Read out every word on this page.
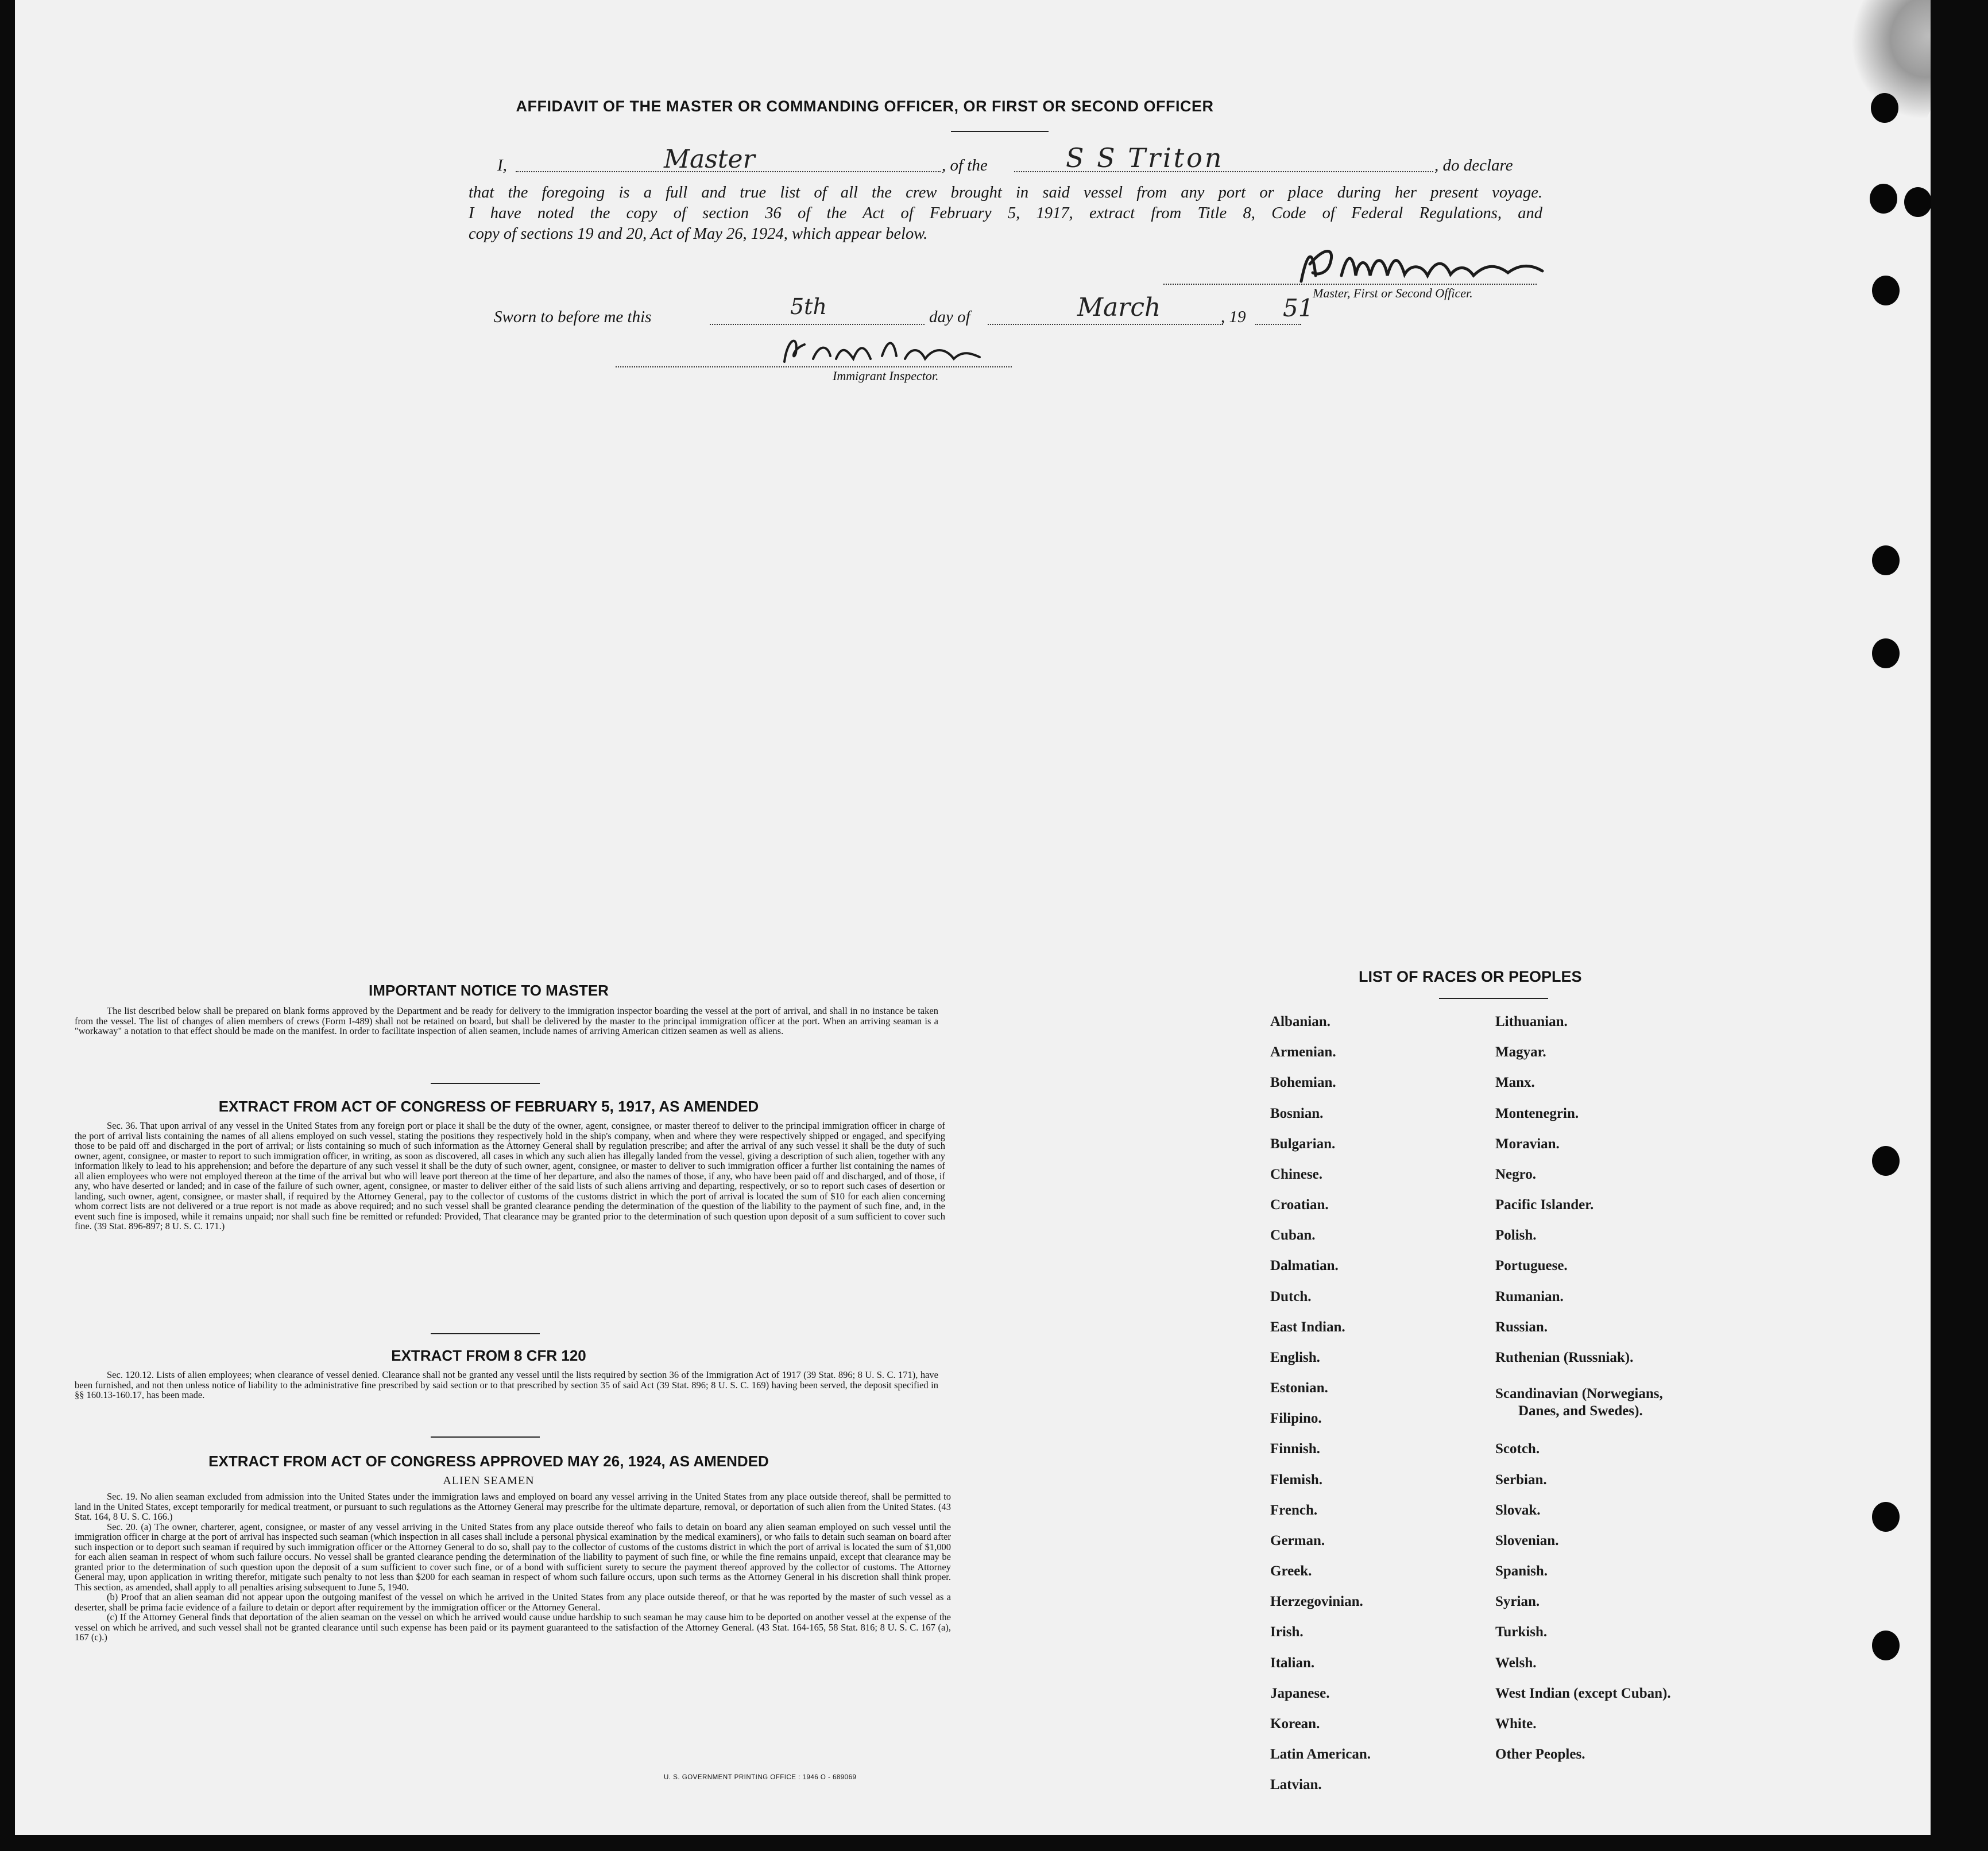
AFFIDAVIT OF THE MASTER OR COMMANDING OFFICER, OR FIRST OR SECOND OFFICER
I,	Master	, of the	S S Triton	, do declare
that the foregoing is a full and true list of all the crew brought in said vessel from any port or place during her present voyage.
I have noted the copy of section 36 of the Act of February 5, 1917, extract from Title 8, Code of Federal Regulations, and
copy of sections 19 and 20, Act of May 26, 1924, which appear below.
Master, First or Second Officer.
Sworn to before me this	5th	day of	March	, 19 51
Immigrant Inspector.
IMPORTANT NOTICE TO MASTER

The list described below shall be prepared on blank forms approved by the Department and be ready for delivery to the immigration inspector boarding the vessel at the port of arrival, and shall in no instance be taken from the vessel. The list of changes of alien members of crews (Form I-489) shall not be retained on board, but shall be delivered by the master to the principal immigration officer at the port. When an arriving seaman is a "workaway" a notation to that effect should be made on the manifest. In order to facilitate inspection of alien seamen, include names of arriving American citizen seamen as well as aliens.

EXTRACT FROM ACT OF CONGRESS OF FEBRUARY 5, 1917, AS AMENDED

Sec. 36. That upon arrival of any vessel in the United States from any foreign port or place it shall be the duty of the owner, agent, consignee, or master thereof to deliver to the principal immigration officer in charge of the port of arrival lists containing the names of all aliens employed on such vessel, stating the positions they respectively hold in the ship's company, when and where they were respectively shipped or engaged, and specifying those to be paid off and discharged in the port of arrival; or lists containing so much of such information as the Attorney General shall by regulation prescribe; and after the arrival of any such vessel it shall be the duty of such owner, agent, consignee, or master to report to such immigration officer, in writing, as soon as discovered, all cases in which any such alien has illegally landed from the vessel, giving a description of such alien, together with any information likely to lead to his apprehension; and before the departure of any such vessel it shall be the duty of such owner, agent, consignee, or master to deliver to such immigration officer a further list containing the names of all alien employees who were not employed thereon at the time of the arrival but who will leave port thereon at the time of her departure, and also the names of those, if any, who have been paid off and discharged, and of those, if any, who have deserted or landed; and in case of the failure of such owner, agent, consignee, or master to deliver either of the said lists of such aliens arriving and departing, respectively, or so to report such cases of desertion or landing, such owner, agent, consignee, or master shall, if required by the Attorney General, pay to the collector of customs of the customs district in which the port of arrival is located the sum of $10 for each alien concerning whom correct lists are not delivered or a true report is not made as above required; and no such vessel shall be granted clearance pending the determination of the question of the liability to the payment of such fine, and, in the event such fine is imposed, while it remains unpaid; nor shall such fine be remitted or refunded: Provided, That clearance may be granted prior to the determination of such question upon deposit of a sum sufficient to cover such fine. (39 Stat. 896-897; 8 U. S. C. 171.)

EXTRACT FROM 8 CFR 120

Sec. 120.12. Lists of alien employees; when clearance of vessel denied. Clearance shall not be granted any vessel until the lists required by section 36 of the Immigration Act of 1917 (39 Stat. 896; 8 U. S. C. 171), have been furnished, and not then unless notice of liability to the administrative fine prescribed by said section or to that prescribed by section 35 of said Act (39 Stat. 896; 8 U. S. C. 169) having been served, the deposit specified in §§ 160.13-160.17, has been made.

EXTRACT FROM ACT OF CONGRESS APPROVED MAY 26, 1924, AS AMENDED
ALIEN SEAMEN

Sec. 19. No alien seaman excluded from admission into the United States under the immigration laws and employed on board any vessel arriving in the United States from any place outside thereof, shall be permitted to land in the United States, except temporarily for medical treatment, or pursuant to such regulations as the Attorney General may prescribe for the ultimate departure, removal, or deportation of such alien from the United States. (43 Stat. 164, 8 U. S. C. 166.)

Sec. 20. (a) The owner, charterer, agent, consignee, or master of any vessel arriving in the United States from any place outside thereof who fails to detain on board any alien seaman employed on such vessel until the immigration officer in charge at the port of arrival has inspected such seaman (which inspection in all cases shall include a personal physical examination by the medical examiners), or who fails to detain such seaman on board after such inspection or to deport such seaman if required by such immigration officer or the Attorney General to do so, shall pay to the collector of customs of the customs district in which the port of arrival is located the sum of $1,000 for each alien seaman in respect of whom such failure occurs. No vessel shall be granted clearance pending the determination of the liability to payment of such fine, or while the fine remains unpaid, except that clearance may be granted prior to the determination of such question upon the deposit of a sum sufficient to cover such fine, or of a bond with sufficient surety to secure the payment thereof approved by the collector of customs. The Attorney General may, upon application in writing therefor, mitigate such penalty to not less than $200 for each seaman in respect of whom such failure occurs, upon such terms as the Attorney General in his discretion shall think proper. This section, as amended, shall apply to all penalties arising subsequent to June 5, 1940.

(b) Proof that an alien seaman did not appear upon the outgoing manifest of the vessel on which he arrived in the United States from any place outside thereof, or that he was reported by the master of such vessel as a deserter, shall be prima facie evidence of a failure to detain or deport after requirement by the immigration officer or the Attorney General.

(c) If the Attorney General finds that deportation of the alien seaman on the vessel on which he arrived would cause undue hardship to such seaman he may cause him to be deported on another vessel at the expense of the vessel on which he arrived, and such vessel shall not be granted clearance until such expense has been paid or its payment guaranteed to the satisfaction of the Attorney General. (43 Stat. 164-165, 58 Stat. 816; 8 U. S. C. 167 (a), 167 (c).)

U. S. GOVERNMENT PRINTING OFFICE : 1946 O - 689069
LIST OF RACES OR PEOPLES
Albanian.
Armenian.
Bohemian.
Bosnian.
Bulgarian.
Chinese.
Croatian.
Cuban.
Dalmatian.
Dutch.
East Indian.
English.
Estonian.
Filipino.
Finnish.
Flemish.
French.
German.
Greek.
Herzegovinian.
Irish.
Italian.
Japanese.
Korean.
Latin American.
Latvian.
Lithuanian.
Magyar.
Manx.
Montenegrin.
Moravian.
Negro.
Pacific Islander.
Polish.
Portuguese.
Rumanian.
Russian.
Ruthenian (Russniak).
Scandinavian (Norwegians,
Danes, and Swedes).
Scotch.
Serbian.
Slovak.
Slovenian.
Spanish.
Syrian.
Turkish.
Welsh.
West Indian (except Cuban).
White.
Other Peoples.
